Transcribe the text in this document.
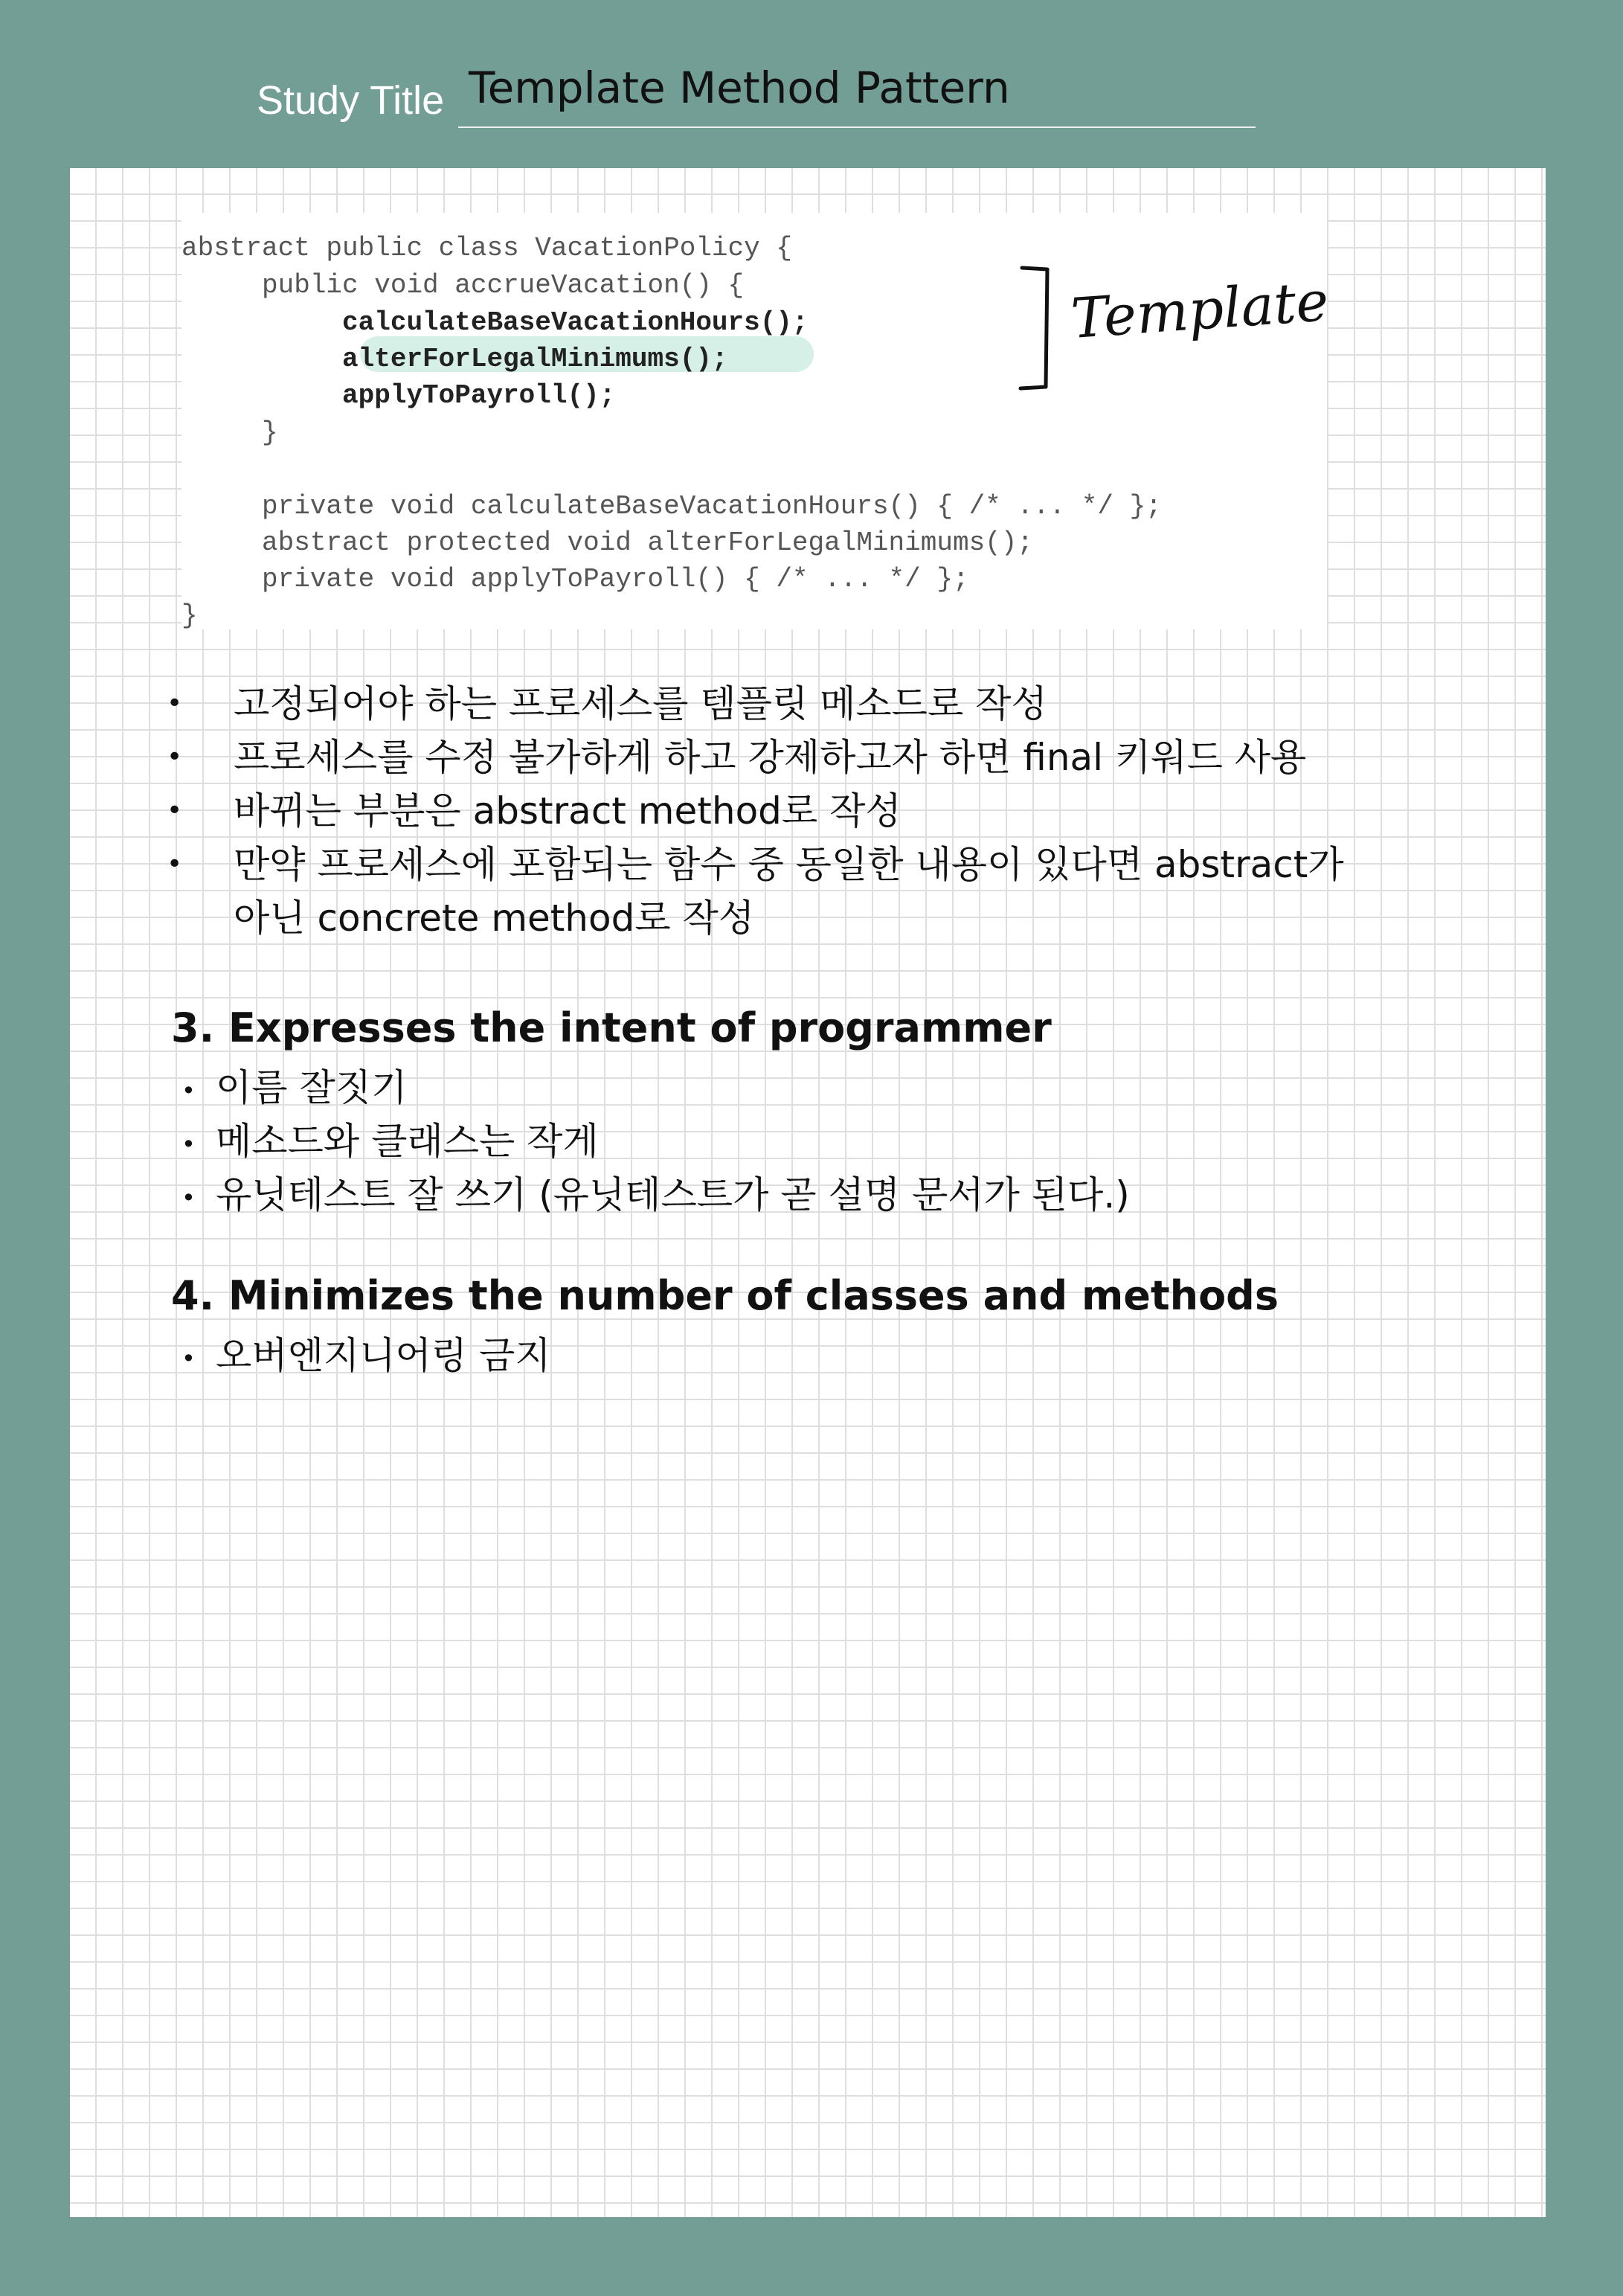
Study Title Template Method Pattern
abstract public class VacationPolicy {
public void accrueVacation() {
calculateBaseVacationHours();
alterForLegalMinimums();
applyToPayroll();
}
private void calculateBaseVacationHours() { /* ... */ };
abstract protected void alterForLegalMinimums();
private void applyToPayroll() { /* ... */ };
}
Template
• 고정되어야 하는 프로세스를 템플릿 메소드로 작성
• 프로세스를 수정 불가하게 하고 강제하고자 하면 final 키워드 사용
• 바뀌는 부분은 abstract method로 작성
• 만약 프로세스에 포함되는 함수 중 동일한 내용이 있다면 abstract가
아닌 concrete method로 작성
3. Expresses the intent of programmer
• 이름 잘짓기
• 메소드와 클래스는 작게
• 유닛테스트 잘 쓰기 (유닛테스트가 곧 설명 문서가 된다.)
4. Minimizes the number of classes and methods
• 오버엔지니어링 금지
